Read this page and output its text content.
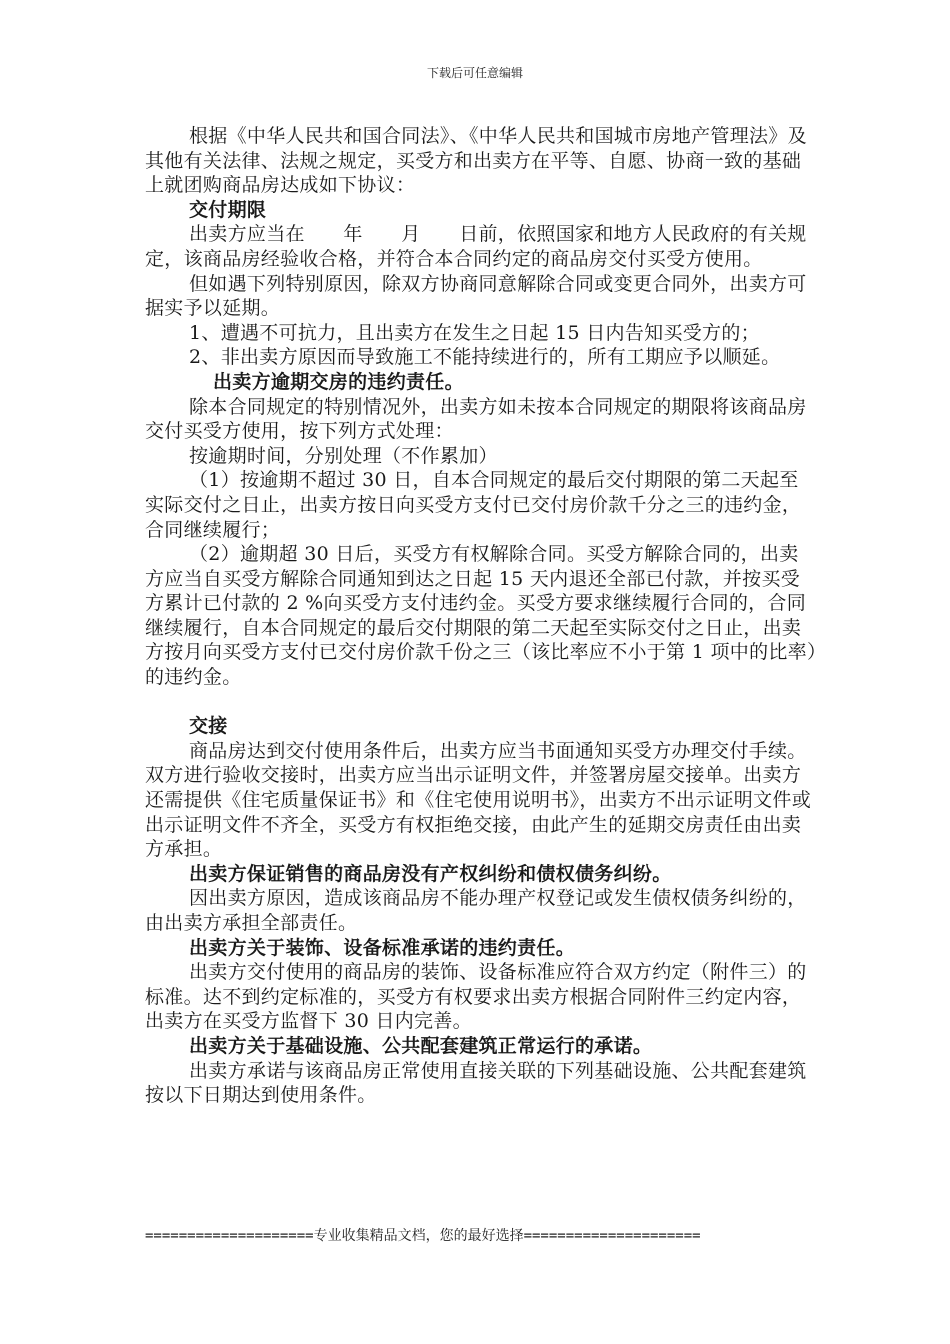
下载后可任意编辑

根据《中华人民共和国合同法》、《中华人民共和国城市房地产管理法》及其他有关法律、法规之规定，买受方和出卖方在平等、自愿、协商一致的基础上就团购商品房达成如下协议：

交付期限

出卖方应当在　　年　　月　　日前，依照国家和地方人民政府的有关规定，该商品房经验收合格，并符合本合同约定的商品房交付买受方使用。

但如遇下列特别原因，除双方协商同意解除合同或变更合同外，出卖方可据实予以延期。

1、遭遇不可抗力，且出卖方在发生之日起 15 日内告知买受方的；

2、非出卖方原因而导致施工不能持续进行的，所有工期应予以顺延。

出卖方逾期交房的违约责任。

除本合同规定的特别情况外，出卖方如未按本合同规定的期限将该商品房交付买受方使用，按下列方式处理：

按逾期时间，分别处理（不作累加）

（1）按逾期不超过 30 日，自本合同规定的最后交付期限的第二天起至实际交付之日止，出卖方按日向买受方支付已交付房价款千分之三的违约金，合同继续履行；

（2）逾期超 30 日后，买受方有权解除合同。买受方解除合同的，出卖方应当自买受方解除合同通知到达之日起 15 天内退还全部已付款，并按买受方累计已付款的 2 %向买受方支付违约金。买受方要求继续履行合同的，合同继续履行，自本合同规定的最后交付期限的第二天起至实际交付之日止，出卖方按月向买受方支付已交付房价款千份之三（该比率应不小于第 1 项中的比率）的违约金。

交接

商品房达到交付使用条件后，出卖方应当书面通知买受方办理交付手续。双方进行验收交接时，出卖方应当出示证明文件，并签署房屋交接单。出卖方还需提供《住宅质量保证书》和《住宅使用说明书》，出卖方不出示证明文件或出示证明文件不齐全，买受方有权拒绝交接，由此产生的延期交房责任由出卖方承担。

出卖方保证销售的商品房没有产权纠纷和债权债务纠纷。

因出卖方原因，造成该商品房不能办理产权登记或发生债权债务纠纷的，由出卖方承担全部责任。

出卖方关于装饰、设备标准承诺的违约责任。

出卖方交付使用的商品房的装饰、设备标准应符合双方约定（附件三）的标准。达不到约定标准的，买受方有权要求出卖方根据合同附件三约定内容，出卖方在买受方监督下 30 日内完善。

出卖方关于基础设施、公共配套建筑正常运行的承诺。

出卖方承诺与该商品房正常使用直接关联的下列基础设施、公共配套建筑按以下日期达到使用条件。

====================专业收集精品文档，您的最好选择=====================
